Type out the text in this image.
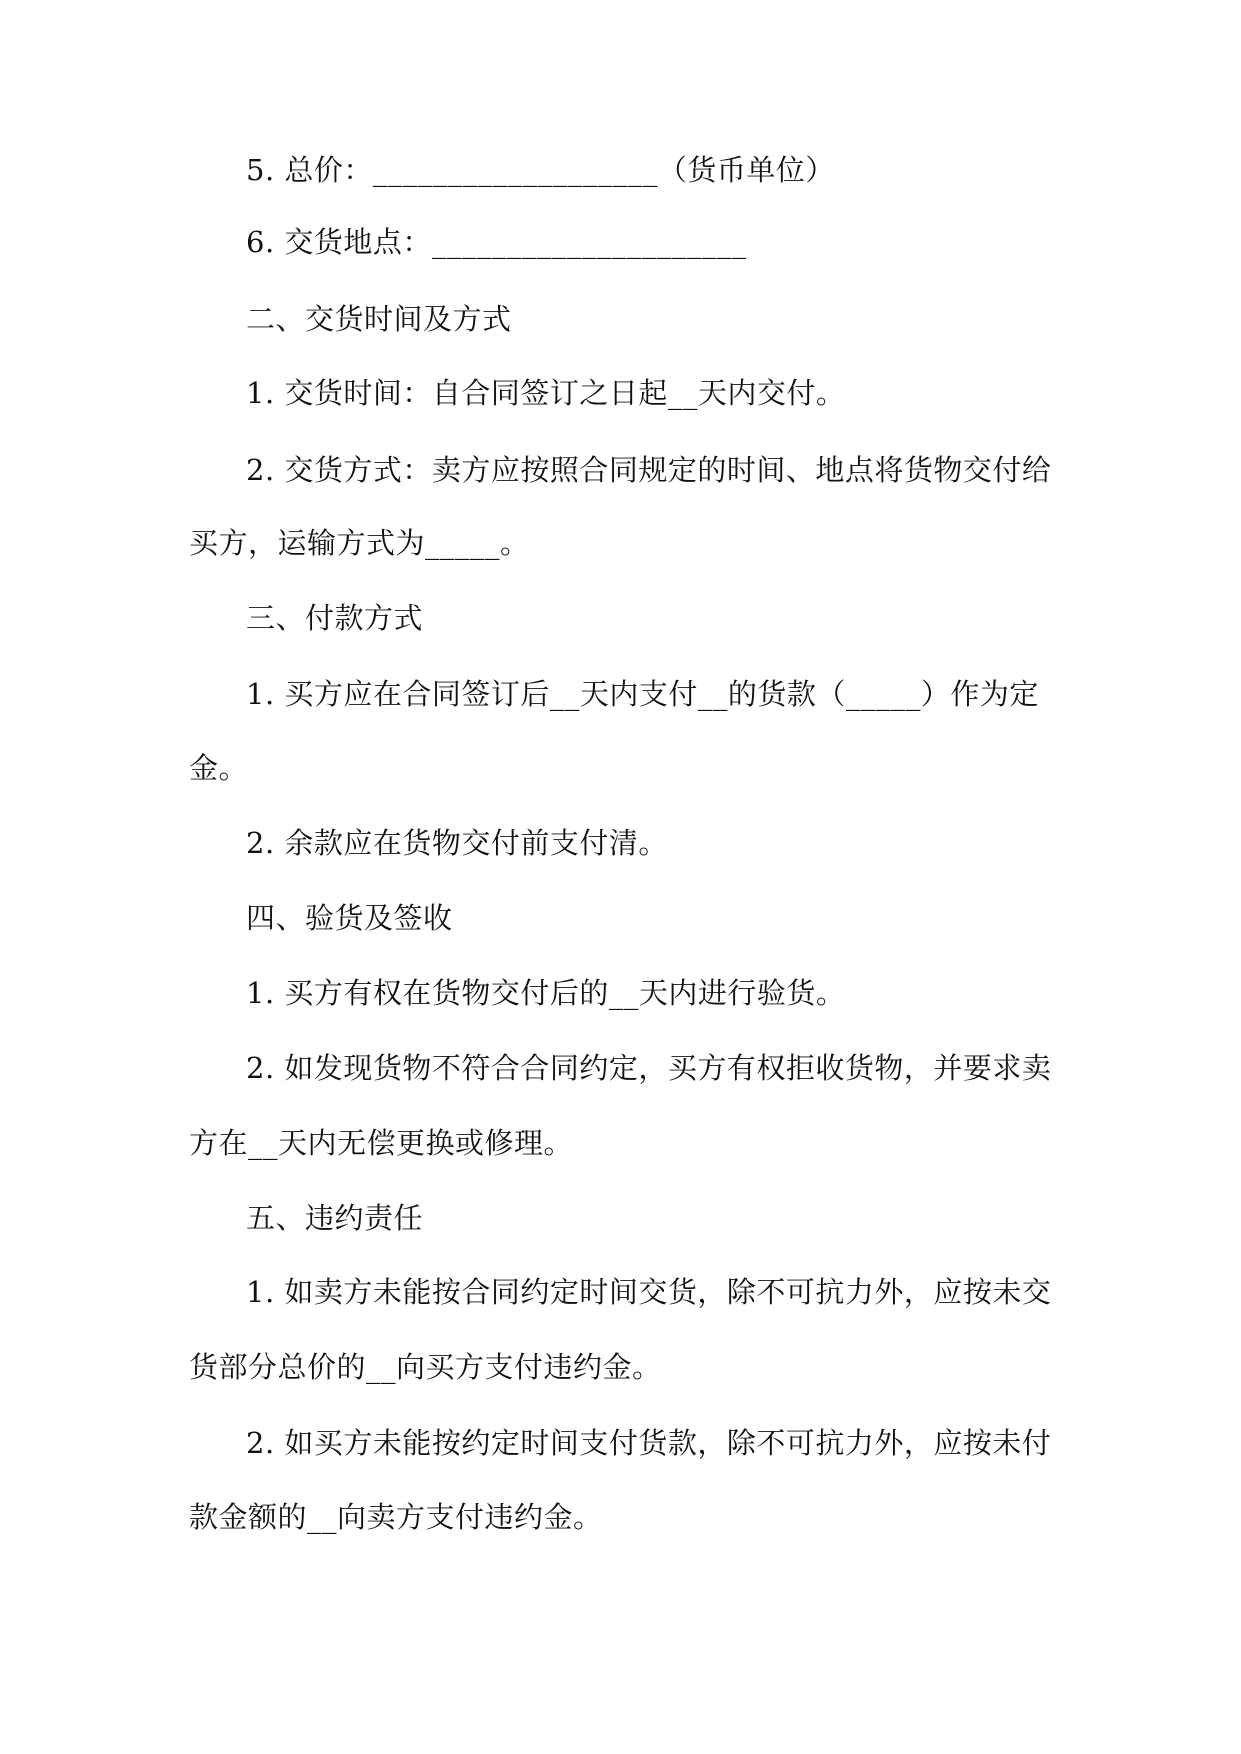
5. 总价：___________________（货币单位）
6. 交货地点：_____________________
二、交货时间及方式
1. 交货时间：自合同签订之日起__天内交付。
2. 交货方式：卖方应按照合同规定的时间、地点将货物交付给
买方，运输方式为_____。
三、付款方式
1. 买方应在合同签订后__天内支付__的货款（_____）作为定
金。
2. 余款应在货物交付前支付清。
四、验货及签收
1. 买方有权在货物交付后的__天内进行验货。
2. 如发现货物不符合合同约定，买方有权拒收货物，并要求卖
方在__天内无偿更换或修理。
五、违约责任
1. 如卖方未能按合同约定时间交货，除不可抗力外，应按未交
货部分总价的__向买方支付违约金。
2. 如买方未能按约定时间支付货款，除不可抗力外，应按未付
款金额的__向卖方支付违约金。
